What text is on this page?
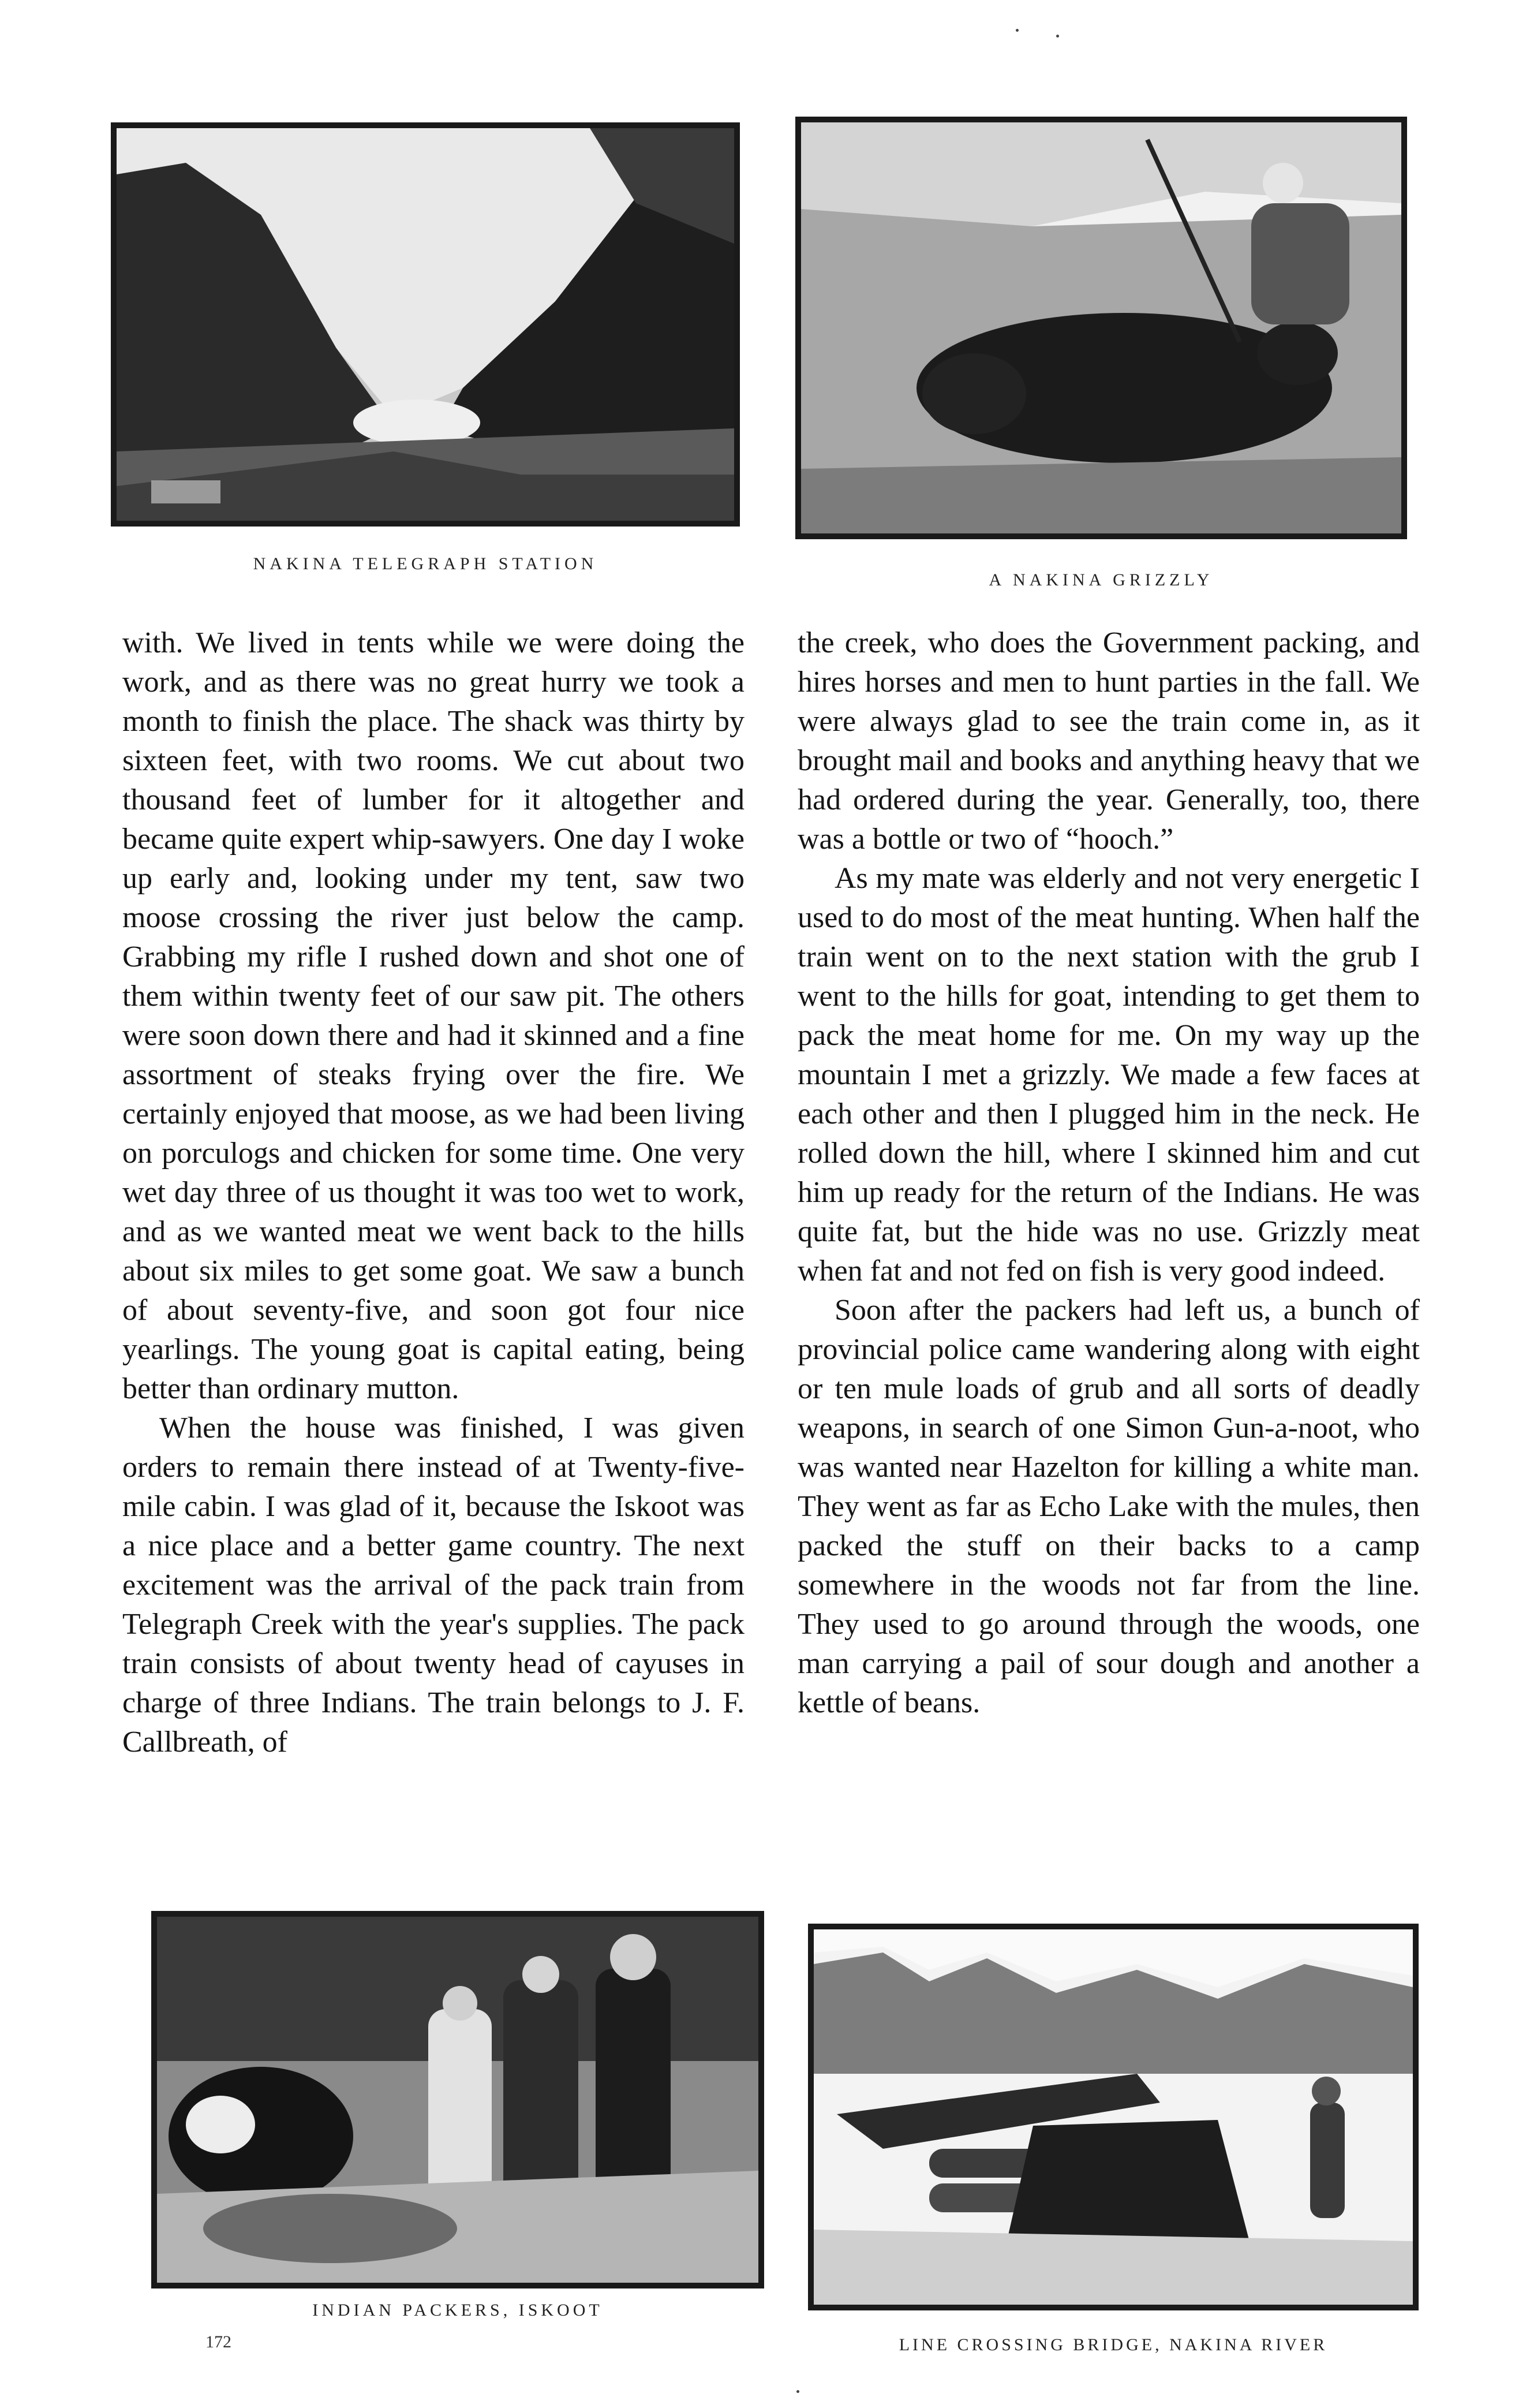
NAKINA TELEGRAPH STATION
A NAKINA GRIZZLY

with. We lived in tents while we were doing the work, and as there was no great hurry we took a month to finish the place. The shack was thirty by sixteen feet, with two rooms. We cut about two thousand feet of lumber for it altogether and became quite expert whip-sawyers. One day I woke up early and, looking under my tent, saw two moose crossing the river just below the camp. Grabbing my rifle I rushed down and shot one of them within twenty feet of our saw pit. The others were soon down there and had it skinned and a fine assortment of steaks frying over the fire. We certainly enjoyed that moose, as we had been living on porculogs and chicken for some time. One very wet day three of us thought it was too wet to work, and as we wanted meat we went back to the hills about six miles to get some goat. We saw a bunch of about seventy-five, and soon got four nice yearlings. The young goat is capital eating, being better than ordinary mutton.

When the house was finished, I was given orders to remain there instead of at Twenty-five-mile cabin. I was glad of it, because the Iskoot was a nice place and a better game country. The next excitement was the arrival of the pack train from Telegraph Creek with the year's supplies. The pack train consists of about twenty head of cayuses in charge of three Indians. The train belongs to J. F. Callbreath, of

the creek, who does the Government packing, and hires horses and men to hunt parties in the fall. We were always glad to see the train come in, as it brought mail and books and anything heavy that we had ordered during the year. Generally, too, there was a bottle or two of “hooch.”

As my mate was elderly and not very energetic I used to do most of the meat hunting. When half the train went on to the next station with the grub I went to the hills for goat, intending to get them to pack the meat home for me. On my way up the mountain I met a grizzly. We made a few faces at each other and then I plugged him in the neck. He rolled down the hill, where I skinned him and cut him up ready for the return of the Indians. He was quite fat, but the hide was no use. Grizzly meat when fat and not fed on fish is very good indeed.

Soon after the packers had left us, a bunch of provincial police came wandering along with eight or ten mule loads of grub and all sorts of deadly weapons, in search of one Simon Gun-a-noot, who was wanted near Hazelton for killing a white man. They went as far as Echo Lake with the mules, then packed the stuff on their backs to a camp somewhere in the woods not far from the line. They used to go around through the woods, one man carrying a pail of sour dough and another a kettle of beans.

INDIAN PACKERS, ISKOOT
LINE CROSSING BRIDGE, NAKINA RIVER
172
